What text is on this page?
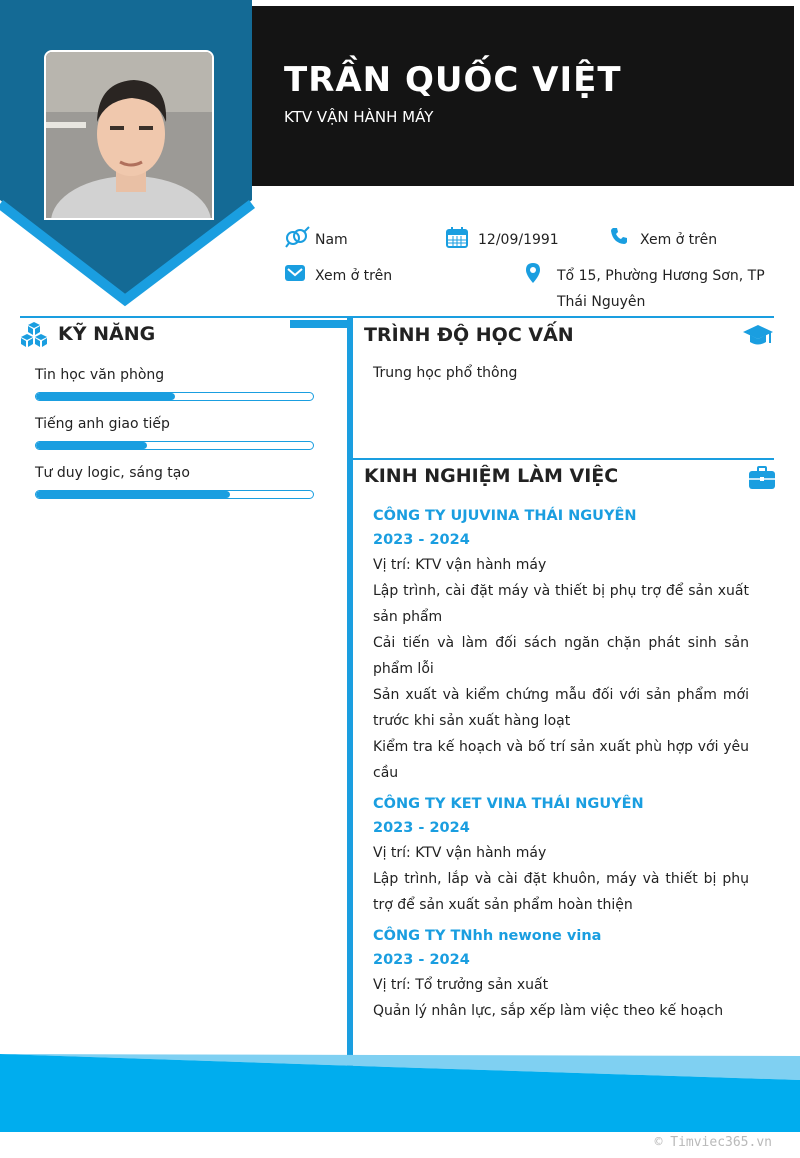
TRẦN QUỐC VIỆT
KTV VẬN HÀNH MÁY
Nam	12/09/1991	Xem ở trên
Xem ở trên	Tổ 15, Phường Hương Sơn, TP
Thái Nguyên
KỸ NĂNG
Tin học văn phòng
Tiếng anh giao tiếp
Tư duy logic, sáng tạo
TRÌNH ĐỘ HỌC VẤN
Trung học phổ thông
KINH NGHIỆM LÀM VIỆC
CÔNG TY UJUVINA THÁI NGUYÊN
2023 - 2024
Vị trí: KTV vận hành máy
Lập trình, cài đặt máy và thiết bị phụ trợ để sản xuất sản phẩm
Cải tiến và làm đối sách ngăn chặn phát sinh sản phẩm lỗi
Sản xuất và kiểm chứng mẫu đối với sản phẩm mới trước khi sản xuất hàng loạt
Kiểm tra kế hoạch và bố trí sản xuất phù hợp với yêu cầu
CÔNG TY KET VINA THÁI NGUYÊN
2023 - 2024
Vị trí: KTV vận hành máy
Lập trình, lắp và cài đặt khuôn, máy và thiết bị phụ trợ để sản xuất sản phẩm hoàn thiện
CÔNG TY TNhh newone vina
2023 - 2024
Vị trí: Tổ trưởng sản xuất
Quản lý nhân lực, sắp xếp làm việc theo kế hoạch
© Timviec365.vn
